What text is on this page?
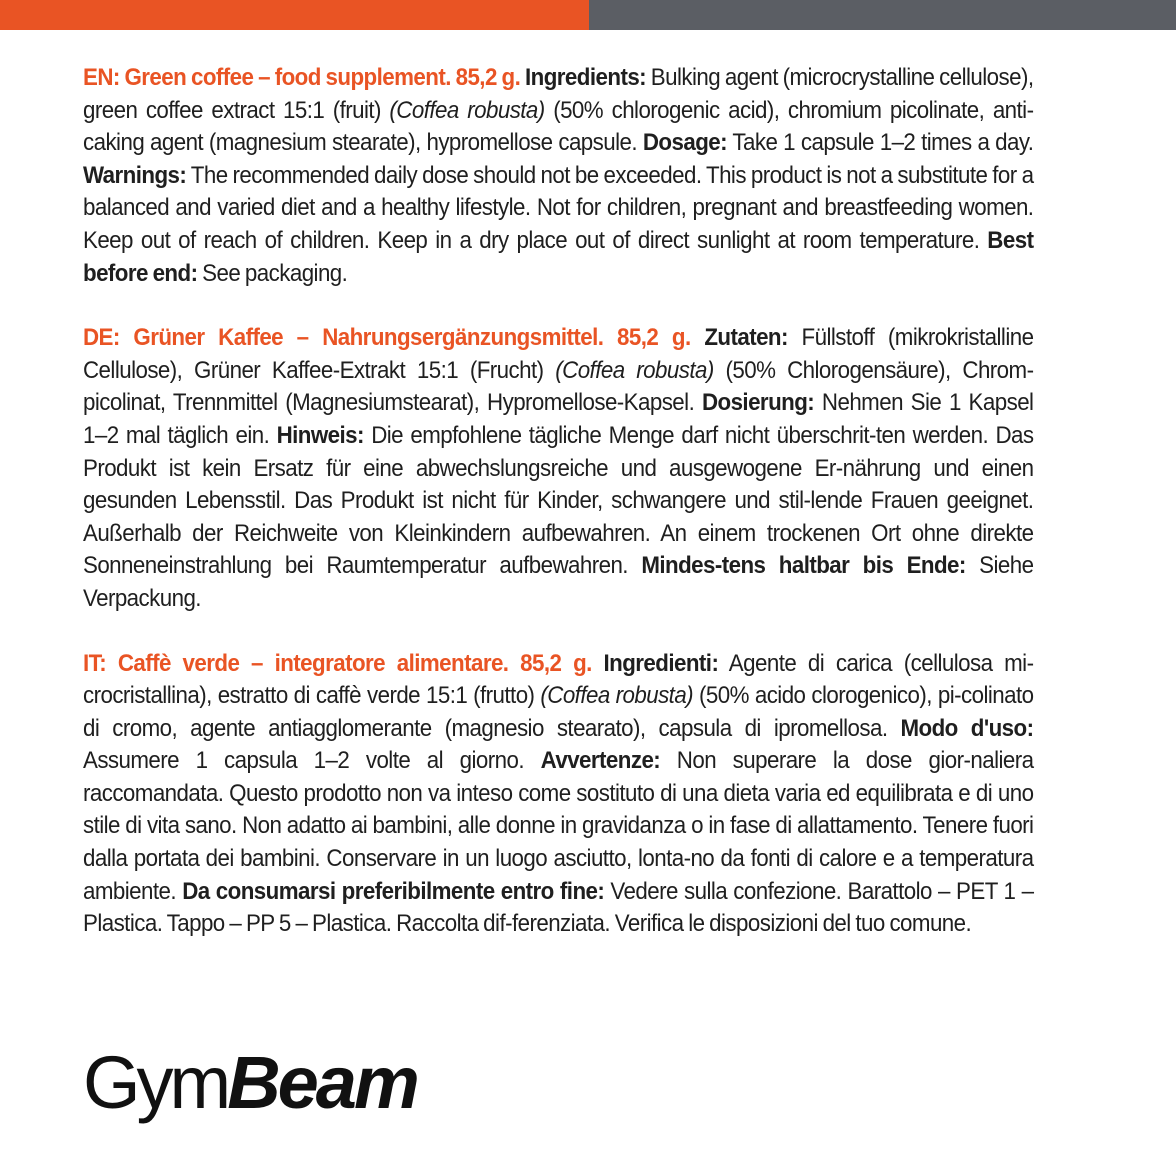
EN: Green coffee – food supplement. 85,2 g. Ingredients: Bulking agent (microcrystalline cellulose), green coffee extract 15:1 (fruit) (Coffea robusta) (50% chlorogenic acid), chromium picolinate, anti-caking agent (magnesium stearate), hypromellose capsule. Dosage: Take 1 capsule 1–2 times a day. Warnings: The recommended daily dose should not be exceeded. This product is not a substitute for a balanced and varied diet and a healthy lifestyle. Not for children, pregnant and breastfeeding women. Keep out of reach of children. Keep in a dry place out of direct sunlight at room temperature. Best before end: See packaging.

DE: Grüner Kaffee – Nahrungsergänzungsmittel. 85,2 g. Zutaten: Füllstoff (mikrokristalline Cellulose), Grüner Kaffee-Extrakt 15:1 (Frucht) (Coffea robusta) (50% Chlorogensäure), Chrom-picolinat, Trennmittel (Magnesiumstearat), Hypromellose-Kapsel. Dosierung: Nehmen Sie 1 Kapsel 1–2 mal täglich ein. Hinweis: Die empfohlene tägliche Menge darf nicht überschrit-ten werden. Das Produkt ist kein Ersatz für eine abwechslungsreiche und ausgewogene Er-nährung und einen gesunden Lebensstil. Das Produkt ist nicht für Kinder, schwangere und stil-lende Frauen geeignet. Außerhalb der Reichweite von Kleinkindern aufbewahren. An einem trockenen Ort ohne direkte Sonneneinstrahlung bei Raumtemperatur aufbewahren. Mindes-tens haltbar bis Ende: Siehe Verpackung.

IT: Caffè verde – integratore alimentare. 85,2 g. Ingredienti: Agente di carica (cellulosa mi-crocristallina), estratto di caffè verde 15:1 (frutto) (Coffea robusta) (50% acido clorogenico), pi-colinato di cromo, agente antiagglomerante (magnesio stearato), capsula di ipromellosa. Modo d'uso: Assumere 1 capsula 1–2 volte al giorno. Avvertenze: Non superare la dose gior-naliera raccomandata. Questo prodotto non va inteso come sostituto di una dieta varia ed equilibrata e di uno stile di vita sano. Non adatto ai bambini, alle donne in gravidanza o in fase di allattamento. Tenere fuori dalla portata dei bambini. Conservare in un luogo asciutto, lonta-no da fonti di calore e a temperatura ambiente. Da consumarsi preferibilmente entro fine: Vedere sulla confezione. Barattolo – PET 1 – Plastica. Tappo – PP 5 – Plastica. Raccolta dif-ferenziata. Verifica le disposizioni del tuo comune.

Gym Beam
